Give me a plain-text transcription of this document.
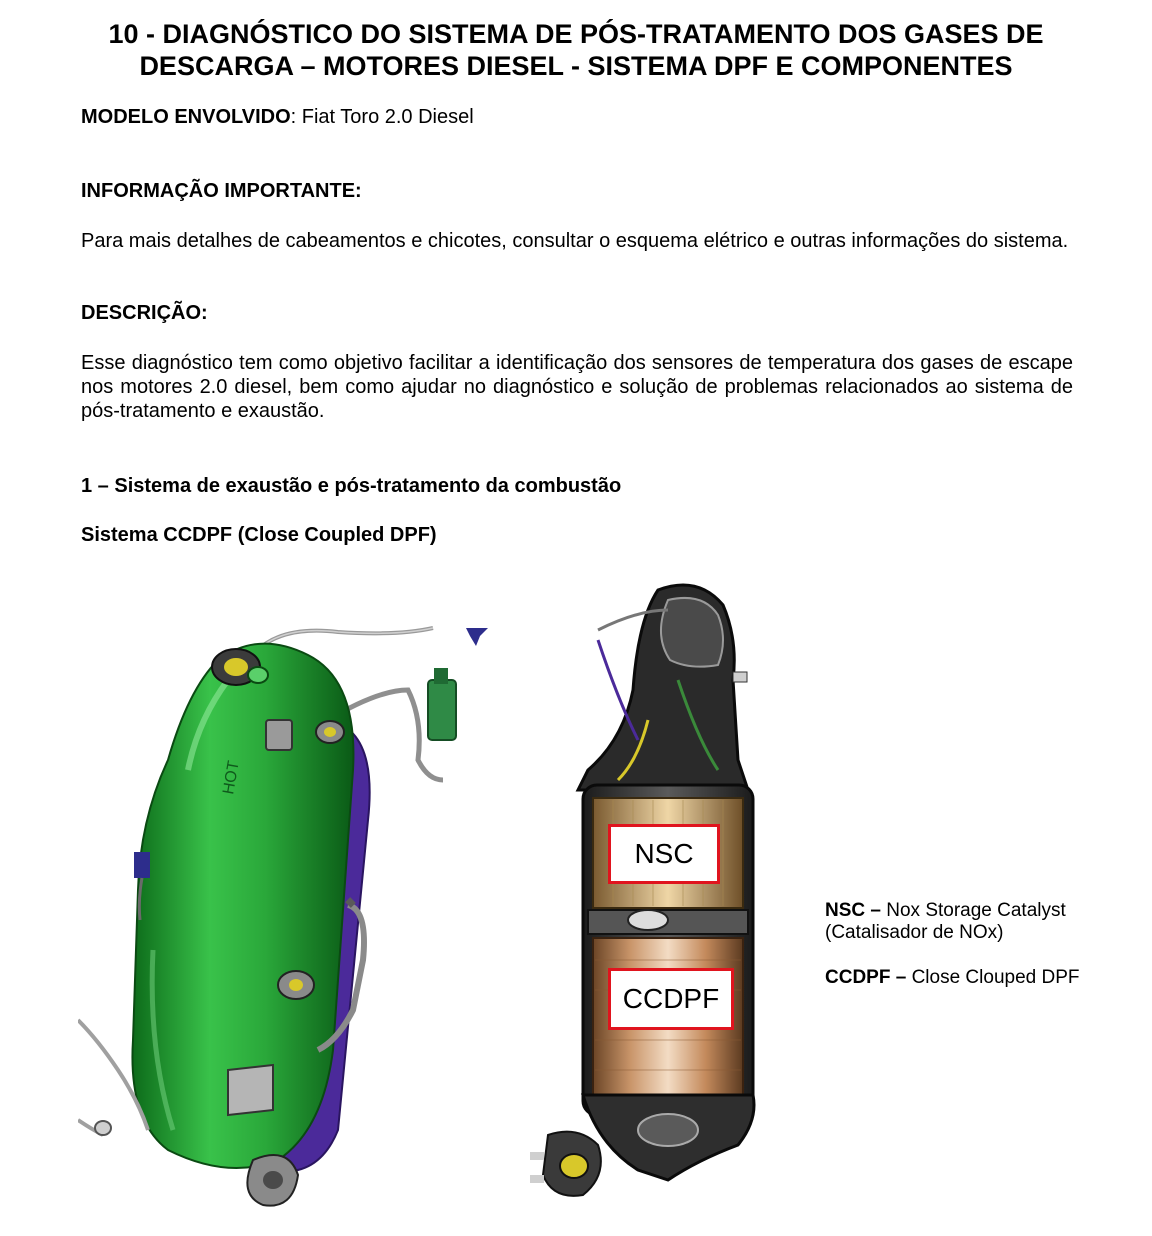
10 - DIAGNÓSTICO DO SISTEMA DE PÓS-TRATAMENTO DOS GASES DE
DESCARGA – MOTORES DIESEL - SISTEMA DPF E COMPONENTES

MODELO ENVOLVIDO: Fiat Toro 2.0 Diesel

INFORMAÇÃO IMPORTANTE:

Para mais detalhes de cabeamentos e chicotes, consultar o esquema elétrico e outras informações do sistema.

DESCRIÇÃO:

Esse diagnóstico tem como objetivo facilitar a identificação dos sensores de temperatura dos gases de escape nos motores 2.0 diesel, bem como ajudar no diagnóstico e solução de problemas relacionados ao sistema de pós-tratamento e exaustão.

1 – Sistema de exaustão e pós-tratamento da combustão

Sistema CCDPF (Close Coupled DPF)

HOT
NSC
CCDPF

NSC – Nox Storage Catalyst
(Catalisador de NOx)

CCDPF – Close Clouped DPF
